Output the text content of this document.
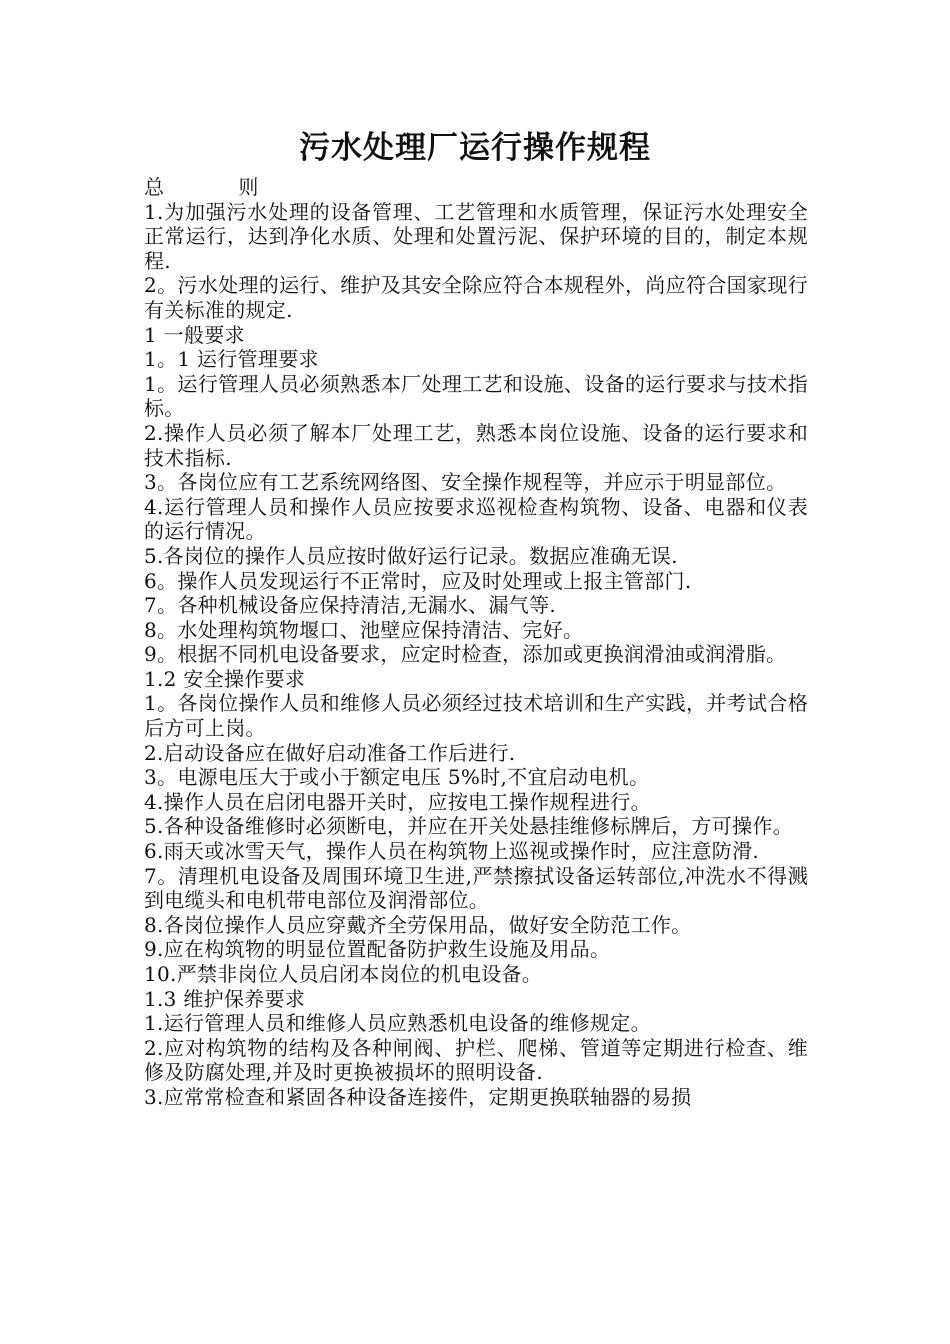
污水处理厂运行操作规程

总 则

1.为加强污水处理的设备管理、工艺管理和水质管理，保证污水处理安全正常运行，达到净化水质、处理和处置污泥、保护环境的目的，制定本规程.

2。污水处理的运行、维护及其安全除应符合本规程外，尚应符合国家现行有关标准的规定.

1 一般要求

1。1 运行管理要求

1。运行管理人员必须熟悉本厂处理工艺和设施、设备的运行要求与技术指标。

2.操作人员必须了解本厂处理工艺，熟悉本岗位设施、设备的运行要求和技术指标.

3。各岗位应有工艺系统网络图、安全操作规程等，并应示于明显部位。

4.运行管理人员和操作人员应按要求巡视检查构筑物、设备、电器和仪表的运行情况。

5.各岗位的操作人员应按时做好运行记录。数据应准确无误.

6。操作人员发现运行不正常时，应及时处理或上报主管部门.

7。各种机械设备应保持清洁,无漏水、漏气等.

8。水处理构筑物堰口、池壁应保持清洁、完好。

9。根据不同机电设备要求，应定时检查，添加或更换润滑油或润滑脂。

1.2 安全操作要求

1。各岗位操作人员和维修人员必须经过技术培训和生产实践，并考试合格后方可上岗。

2.启动设备应在做好启动准备工作后进行.

3。电源电压大于或小于额定电压 5%时,不宜启动电机。

4.操作人员在启闭电器开关时，应按电工操作规程进行。

5.各种设备维修时必须断电，并应在开关处悬挂维修标牌后，方可操作。

6.雨天或冰雪天气，操作人员在构筑物上巡视或操作时，应注意防滑.

7。清理机电设备及周围环境卫生进,严禁擦拭设备运转部位,冲洗水不得溅到电缆头和电机带电部位及润滑部位。

8.各岗位操作人员应穿戴齐全劳保用品，做好安全防范工作。

9.应在构筑物的明显位置配备防护救生设施及用品。

10.严禁非岗位人员启闭本岗位的机电设备。

1.3 维护保养要求

1.运行管理人员和维修人员应熟悉机电设备的维修规定。

2.应对构筑物的结构及各种闸阀、护栏、爬梯、管道等定期进行检查、维修及防腐处理,并及时更换被损坏的照明设备.

3.应常常检查和紧固各种设备连接件，定期更换联轴器的易损
